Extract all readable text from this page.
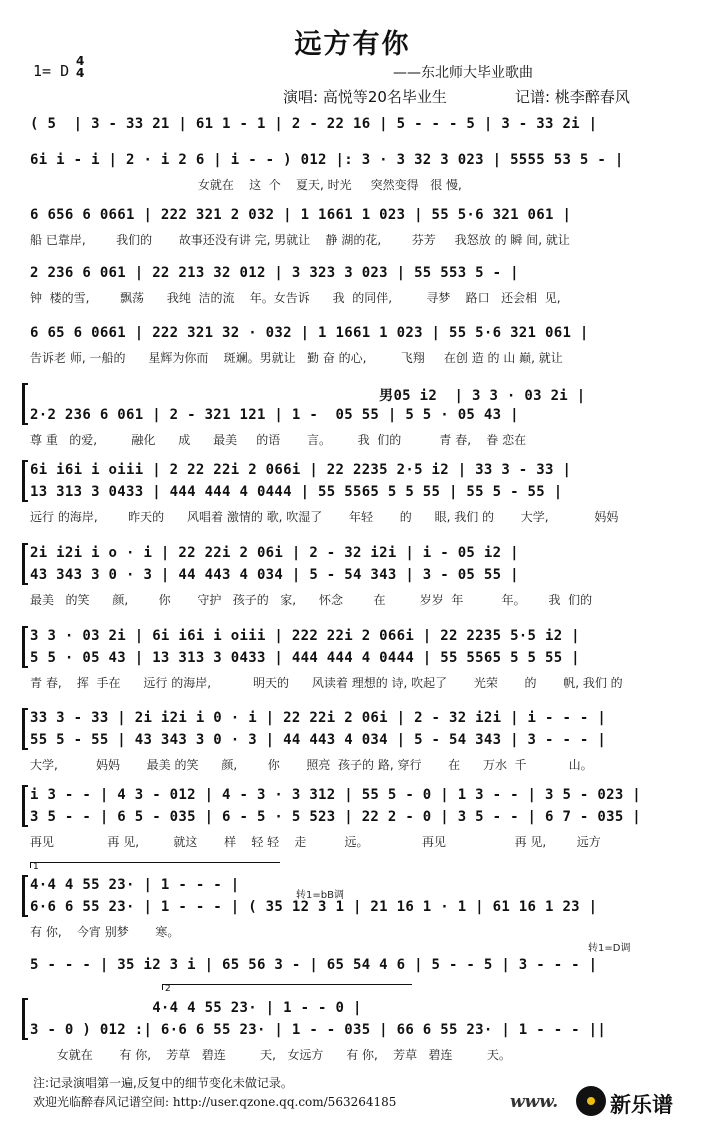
远方有你
1= D
4
4	——东北师大毕业歌曲
演唱: 高悦等20名毕业生	记谱: 桃李醉春风
( 5  | 3 - 33 21 | 61 1 - 1 | 2 - 22 16 | 5 - - - 5 | 3 - 33 2i |
6i i - i | 2 · i 2 6 | i - - ) 012 |: 3 · 3 32 3 023 | 5555 53 5 - |
女就在    这  个    夏天, 时光     突然变得   很 慢,
6 656 6 0661 | 222 321 2 032 | 1 1661 1 023 | 55 5·6 321 061 |
船 已靠岸,        我们的       故事还没有讲 完, 男就让    静 湖的花,        芬芳     我怒放 的 瞬 间, 就让
2 236 6 061 | 22 213 32 012 | 3 323 3 023 | 55 553 5 - |
钟  楼的雪,        飘荡      我纯  洁的流    年。女告诉      我  的同伴,         寻梦    路口   还会相  见,
6 65 6 0661 | 222 321 32 · 032 | 1 1661 1 023 | 55 5·6 321 061 |
告诉老 师, 一船的      星辉为你而    斑斓。男就让   勤 奋 的心,         飞翔     在创 造 的 山 巅, 就让
男05 i2  | 3 3 · 03 2i |
2·2 236 6 061 | 2 - 321 121 | 1 -  05 55 | 5 5 · 05 43 |
尊 重   的爱,         融化      成      最美     的语       言。       我  们的          青 春,    眷 恋在
6i i6i i oiii | 2 22 22i 2 066i | 22 2235 2·5 i2 | 33 3 - 33 |
13 313 3 0433 | 444 444 4 0444 | 55 5565 5 5 55 | 55 5 - 55 |
远行 的海岸,        昨天的      风唱着 激情的 歌, 吹湿了       年轻       的      眼, 我们 的       大学,            妈妈
2i i2i i o · i | 22 22i 2 06i | 2 - 32 i2i | i - 05 i2 |
43 343 3 0 · 3 | 44 443 4 034 | 5 - 54 343 | 3 - 05 55 |
最美   的笑      颜,        你       守护   孩子的   家,      怀念        在         岁岁  年          年。      我  们的
3 3 · 03 2i | 6i i6i i oiii | 222 22i 2 066i | 22 2235 5·5 i2 |
5 5 · 05 43 | 13 313 3 0433 | 444 444 4 0444 | 55 5565 5 5 55 |
青 春,    挥  手在      远行 的海岸,           明天的      风读着 理想的 诗, 吹起了       光荣       的       帆, 我们 的
33 3 - 33 | 2i i2i i 0 · i | 22 22i 2 06i | 2 - 32 i2i | i - - - |
55 5 - 55 | 43 343 3 0 · 3 | 44 443 4 034 | 5 - 54 343 | 3 - - - |
大学,          妈妈       最美 的笑      颜,        你       照亮  孩子的 路, 穿行       在      万水  千           山。
i 3 - - | 4 3 - 012 | 4 - 3 · 3 312 | 55 5 - 0 | 1 3 - - | 3 5 - 023 |
3 5 - - | 6 5 - 035 | 6 - 5 · 5 523 | 22 2 - 0 | 3 5 - - | 6 7 - 035 |
再见              再 见,         就这       样    轻 轻    走          远。              再见                  再 见,        远方
4·4 4 55 23· | 1 - - - |
6·6 6 55 23· | 1 - - - | ( 35 12 3 1 | 21 16 1 · 1 | 61 16 1 23 |
有 你,    今宵 别梦       寒。
5 - - - | 35 i2 3 i | 65 56 3 - | 65 54 4 6 | 5 - - 5 | 3 - - - |
4·4 4 55 23· | 1 - - 0 |
3 - 0 ) 012 :| 6·6 6 55 23· | 1 - - 035 | 66 6 55 23· | 1 - - - ||
女就在       有 你,    芳草   碧连         天,   女远方      有 你,    芳草   碧连         天。
转1=bB调
转1=D调
1
2
注:记录演唱第一遍,反复中的细节变化未做记录。
欢迎光临醉春风记谱空间: http://user.qzone.qq.com/563264185	www. 新乐谱
